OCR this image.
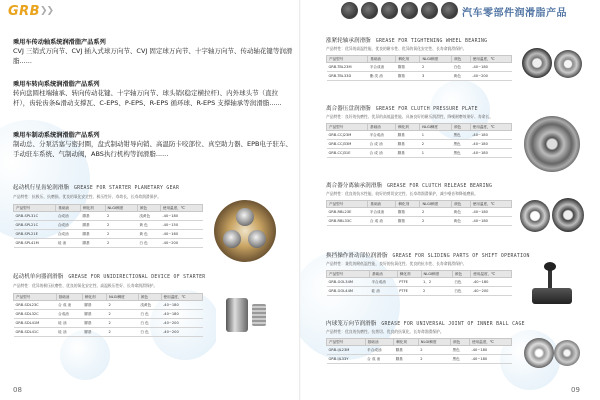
GRB ❯❯
乘用车传动轴系统润滑脂产品系列

CVJ 三销式万向节、CVJ 插入式球万向节、CVJ 固定球万向节、十字轴万向节、传动轴花键等润滑脂......

乘用车转向系统润滑脂产品系列

转向盘圆柱端轴承、转向传动花键、十字轴万向节、球头销(稳定横拉杆)、内外球头节（直拉杆），齿轮齿条&滑动支撑瓦、C-EPS、P-EPS、R-EPS 循环球、R-EPS 支撑轴承等润滑脂......

乘用车制动系统润滑脂产品系列

制动总、分泵活塞与密封圈，盘式制动钳导向销、高温防卡咬部位、真空助力器、EPB电子驻车、手动驻车系统、气制动阀，ABS执行机构等润滑脂......

起动机行星齿轮润滑脂 GREASE FOR STARTER PLANETARY GEAR
产品特性：抗极压、抗磨损、优良的氧化安定性、极压性好、寿命长，长寿命润滑保护。
产品型号	基础油	稠化剂	NLGI稠度	颜色	使用温度，℃
GRB-SPL31C	合成油	脲基	2	浅黄色	-40~180
GRB-SPL21C	合成油	脲基	2	黄 色	-40~150
GRB-SPL21E	合成油	脲基	2	黄 色	-40~160
GRB-SPL41M	硅 油	脲基	2	白 色	-40~200
起动机单向器润滑脂 GREASE FOR UNIDIRECTIONAL DEVICE OF STARTER
产品特性：优异的极压抗磨性、优良的氧化安定性、高温极压性好、长寿命润滑保护。
产品型号	基础油	稠化剂	NLGI稠度	颜色	使用温度，℃
GRB-SDL23C	合 成 油	脲基	2	浅黄色	-40~180
GRB-SDL32C	合成油	脲基	2	白 色	-40~180
GRB-SDL41M	硅 油	脲基	2	白 色	-40~200
GRB-SDL41C	硅 油	脲基	2	白 色	-40~200
08
汽车零部件润滑脂产品
涨紧轮轴承润滑脂 GREASE FOR TIGHTENING WHEEL BEARING
产品特性：优异的高温性能、优良的耐水性、优异的氧化安定性、长寿命润滑保护。
产品型号	基础油	稠化剂	NLGI稠度	颜色	使用温度，℃
GRB-TBL23M	半合成油	脲基	2	白色	-40~180
GRB-TBL33D	酯 类 油	脲基	3	黄色	-40~200
离合器压盘润滑脂 GREASE FOR CLUTCH PRESSURE PLATE
产品特性：良好的抗磨性、优异的高低温性能、具备良好的耐压润滑性，降噪耐磨效果好、寿命长。
产品型号	基础油	稠化剂	NLGI稠度	颜色	使用温度，℃
GRB-CCJ23M	半合成油	脲基	1	黑色	-40~180
GRB-CCJ33M	合 成 油	脲基	2	黑色	-40~180
GRB-CCJ31E	合 成 油	脲基	1	黑色	-40~180
离合器分离轴承润滑脂 GREASE FOR CLUTCH RELEASE BEARING
产品特性：优良的抗水性能、较好的剪切安定性、长寿命润滑保护，减少噪音和降低磨损。
产品型号	基础油	稠化剂	NLGI稠度	颜色	使用温度，℃
GRB-RBL23E	半合成油	脲基	2	黄色	-40~180
GRB-RBL33C	合 成 油	脲基	2	黄色	-40~180
换挡操作滑动部位润滑脂 GREASE FOR SLIDING PARTS OF SHIFT OPERATION
产品特性：兼优的耐低温性能，良好的抗氧化性、优良的抗水性、长寿命润滑保护。
产品型号	基础油	稠化剂	NLGI稠度	颜色	使用温度，℃
GRB-GOL34M	半合成油	PTFE	1、2	白色	-40~180
GRB-GOL44M	硅 油	PTFE	2	白色	-40~200
内球笼万向节润滑脂 GREASE FOR UNIVERSAL JOINT OF INNER BALL CAGE
产品特性：优良的抗磨性、抗剪切、优良的抗氧化、长寿命润滑保护。
产品型号	基础油	稠化剂	NLGI稠度	颜色	使用温度，℃
GRB-IJL23M	半合成油	脲基	2	黑色	-40~180
GRB-IJL33Y	合 成 油	脲基	2	黑色	-40~180
09
